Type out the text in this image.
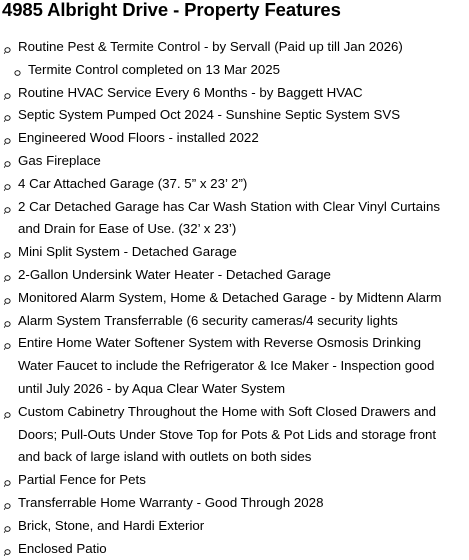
4985 Albright Drive - Property Features
Routine Pest & Termite Control - by Servall (Paid up till Jan 2026)
Termite Control completed on 13 Mar 2025
Routine HVAC Service Every 6 Months - by Baggett HVAC
Septic System Pumped Oct 2024 - Sunshine Septic System SVS
Engineered Wood Floors - installed 2022
Gas Fireplace
4 Car Attached Garage (37. 5” x 23’ 2”)
2 Car Detached Garage has Car Wash Station with Clear Vinyl Curtains
and Drain for Ease of Use. (32’ x 23’)
Mini Split System - Detached Garage
2-Gallon Undersink Water Heater - Detached Garage
Monitored Alarm System, Home & Detached Garage - by Midtenn Alarm
Alarm System Transferrable (6 security cameras/4 security lights
Entire Home Water Softener System with Reverse Osmosis Drinking
Water Faucet to include the Refrigerator & Ice Maker - Inspection good
until July 2026 - by Aqua Clear Water System
Custom Cabinetry Throughout the Home with Soft Closed Drawers and
Doors; Pull-Outs Under Stove Top for Pots & Pot Lids and storage front
and back of large island with outlets on both sides
Partial Fence for Pets
Transferrable Home Warranty - Good Through 2028
Brick, Stone, and Hardi Exterior
Enclosed Patio
